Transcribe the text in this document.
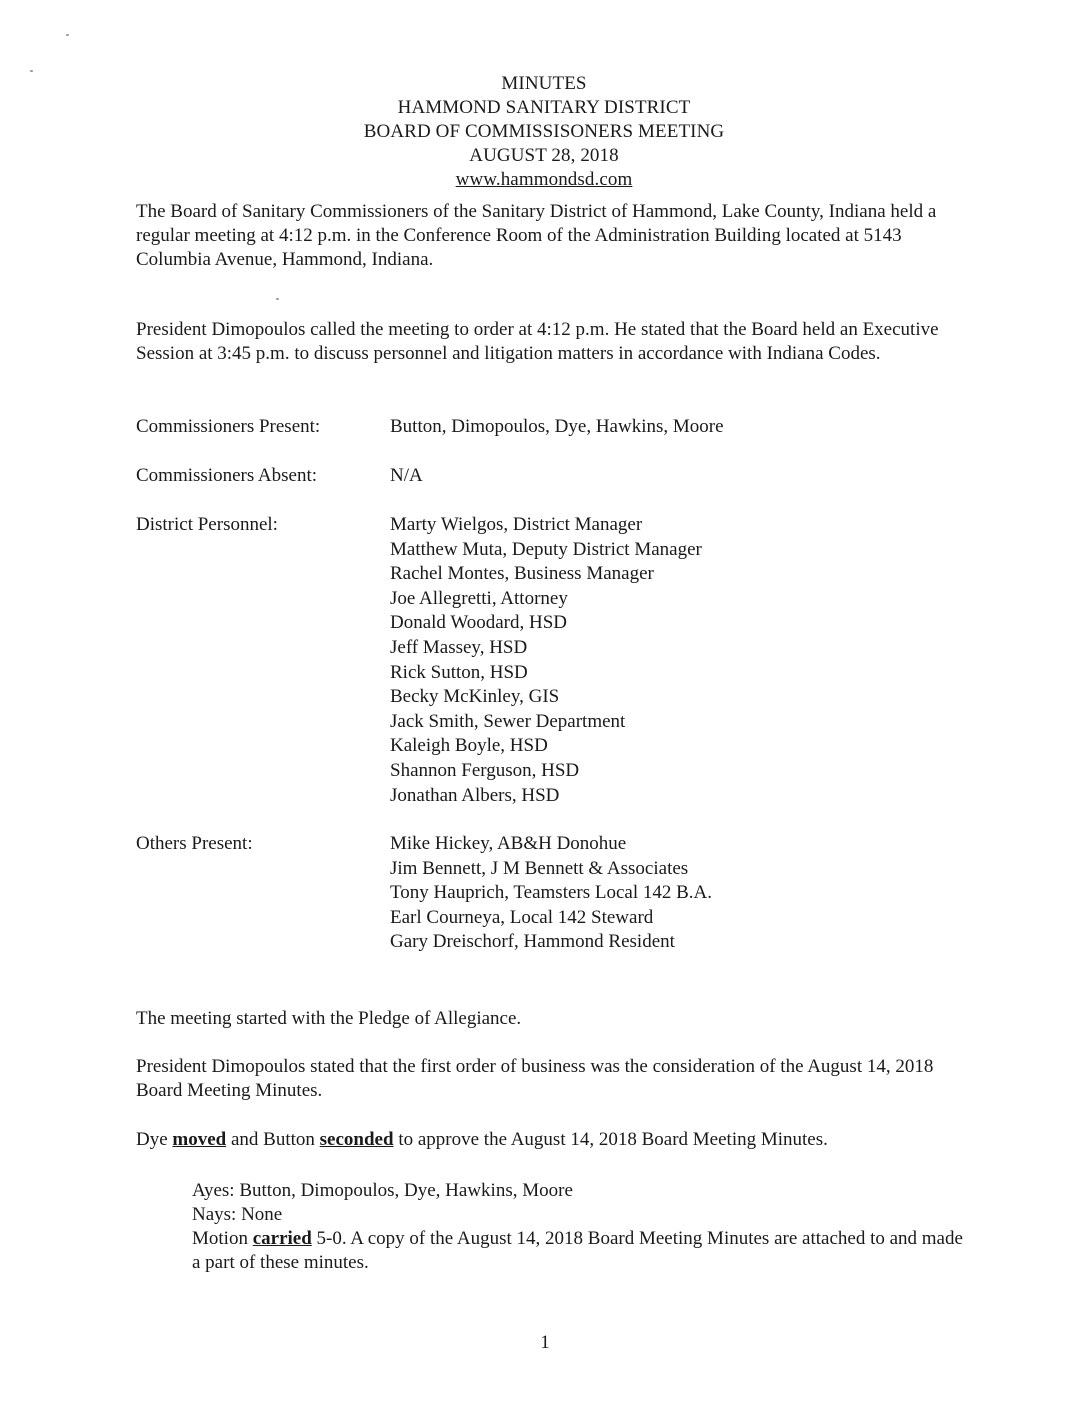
MINUTES
HAMMOND SANITARY DISTRICT
BOARD OF COMMISSISONERS MEETING
AUGUST 28, 2018
www.hammondsd.com

The Board of Sanitary Commissioners of the Sanitary District of Hammond, Lake County, Indiana held a regular meeting at 4:12 p.m. in the Conference Room of the Administration Building located at 5143 Columbia Avenue, Hammond, Indiana.

President Dimopoulos called the meeting to order at 4:12 p.m. He stated that the Board held an Executive Session at 3:45 p.m. to discuss personnel and litigation matters in accordance with Indiana Codes.

Commissioners Present:	Button, Dimopoulos, Dye, Hawkins, Moore
Commissioners Absent:	N/A
District Personnel:	Marty Wielgos, District Manager
Matthew Muta, Deputy District Manager
Rachel Montes, Business Manager
Joe Allegretti, Attorney
Donald Woodard, HSD
Jeff Massey, HSD
Rick Sutton, HSD
Becky McKinley, GIS
Jack Smith, Sewer Department
Kaleigh Boyle, HSD
Shannon Ferguson, HSD
Jonathan Albers, HSD
Others Present:	Mike Hickey, AB&H Donohue
Jim Bennett, J M Bennett & Associates
Tony Hauprich, Teamsters Local 142 B.A.
Earl Courneya, Local 142 Steward
Gary Dreischorf, Hammond Resident

The meeting started with the Pledge of Allegiance.

President Dimopoulos stated that the first order of business was the consideration of the August 14, 2018 Board Meeting Minutes.

Dye moved and Button seconded to approve the August 14, 2018 Board Meeting Minutes.

Ayes: Button, Dimopoulos, Dye, Hawkins, Moore
Nays: None
Motion carried 5-0. A copy of the August 14, 2018 Board Meeting Minutes are attached to and made a part of these minutes.
1
